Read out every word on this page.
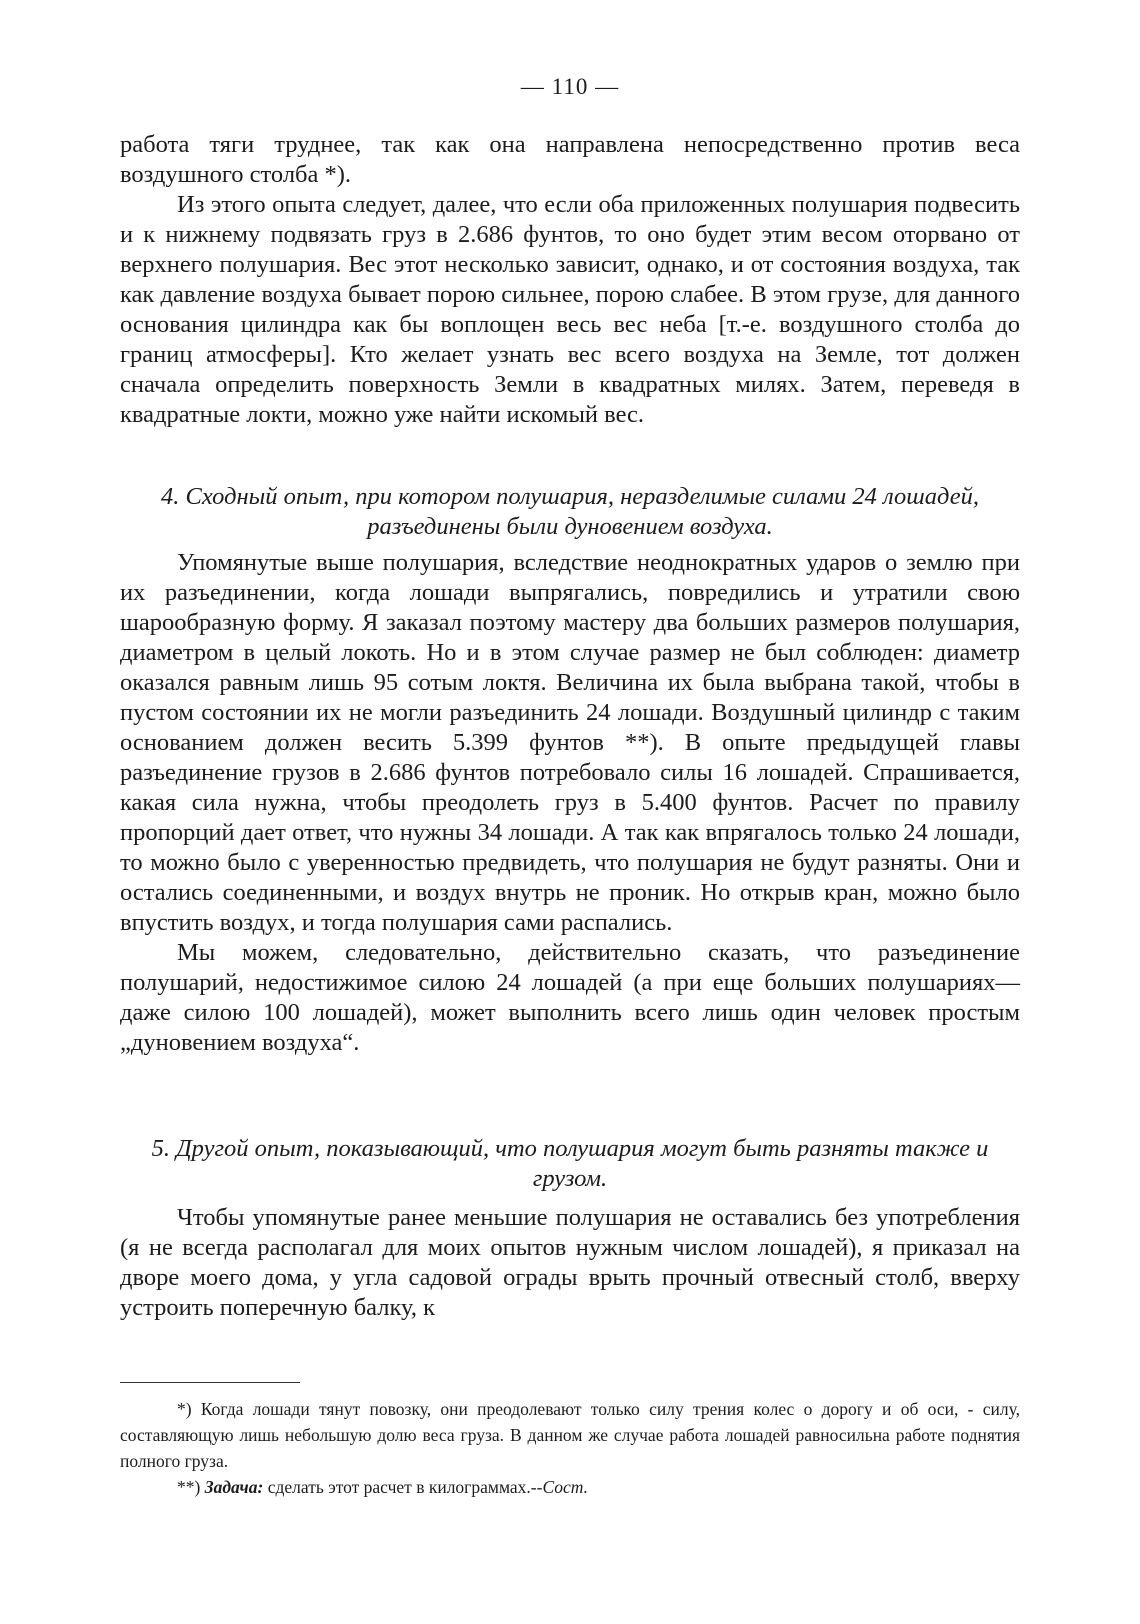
— 110 —

работа тяги труднее, так как она направлена непосредственно против веса воздушного столба *).

Из этого опыта следует, далее, что если оба приложенных полушария подвесить и к нижнему подвязать груз в 2.686 фунтов, то оно будет этим весом оторвано от верхнего полушария. Вес этот несколько зависит, однако, и от состояния воздуха, так как давление воздуха бывает порою сильнее, порою слабее. В этом грузе, для данного основания цилиндра как бы воплощен весь вес неба [т.-е. воздушного столба до границ атмосферы]. Кто желает узнать вес всего воздуха на Земле, тот должен сначала определить поверхность Земли в квадратных милях. Затем, переведя в квадратные локти, можно уже найти искомый вес.

4. Сходный опыт, при котором полушария, неразделимые силами 24 лошадей, разъединены были дуновением воздуха.

Упомянутые выше полушария, вследствие неоднократных ударов о землю при их разъединении, когда лошади выпрягались, повредились и утратили свою шарообразную форму. Я заказал поэтому мастеру два больших размеров полушария, диаметром в целый локоть. Но и в этом случае размер не был соблюден: диаметр оказался равным лишь 95 сотым локтя. Величина их была выбрана такой, чтобы в пустом состоянии их не могли разъединить 24 лошади. Воздушный цилиндр с таким основанием должен весить 5.399 фунтов **). В опыте предыдущей главы разъединение грузов в 2.686 фунтов потребовало силы 16 лошадей. Спрашивается, какая сила нужна, чтобы преодолеть груз в 5.400 фунтов. Расчет по правилу пропорций дает ответ, что нужны 34 лошади. А так как впрягалось только 24 лошади, то можно было с уверенностью предвидеть, что полушария не будут разняты. Они и остались соединенными, и воздух внутрь не проник. Но открыв кран, можно было впустить воздух, и тогда полушария сами распались.

Мы можем, следовательно, действительно сказать, что разъединение полушарий, недостижимое силою 24 лошадей (а при еще больших полушариях—даже силою 100 лошадей), может выполнить всего лишь один человек простым „дуновением воздуха“.

5. Другой опыт, показывающий, что полушария могут быть разняты также и грузом.

Чтобы упомянутые ранее меньшие полушария не оставались без употребления (я не всегда располагал для моих опытов нужным числом лошадей), я приказал на дворе моего дома, у угла садовой ограды врыть прочный отвесный столб, вверху устроить поперечную балку, к

*) Когда лошади тянут повозку, они преодолевают только силу трения колес о дорогу и об оси, - силу, составляющую лишь небольшую долю веса груза. В данном же случае работа лошадей равносильна работе поднятия полного груза.

**) Задача: сделать этот расчет в килограммах.--Сост.
